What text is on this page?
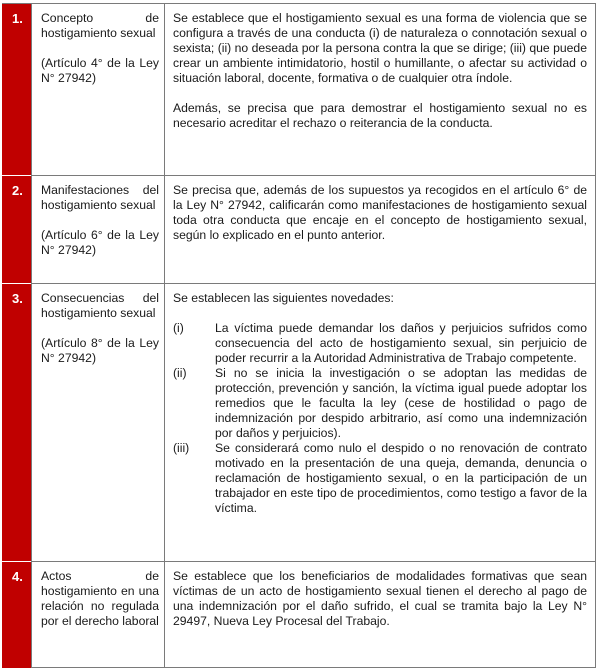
1. Concepto de hostigamiento sexual

(Artículo 4° de la Ley N° 27942)

Se establece que el hostigamiento sexual es una forma de violencia que se configura a través de una conducta (i) de naturaleza o connotación sexual o sexista; (ii) no deseada por la persona contra la que se dirige; (iii) que puede crear un ambiente intimidatorio, hostil o humillante, o afectar su actividad o situación laboral, docente, formativa o de cualquier otra índole.

Además, se precisa que para demostrar el hostigamiento sexual no es necesario acreditar el rechazo o reiterancia de la conducta.

2. Manifestaciones del hostigamiento sexual

(Artículo 6° de la Ley N° 27942)

Se precisa que, además de los supuestos ya recogidos en el artículo 6° de la Ley N° 27942, calificarán como manifestaciones de hostigamiento sexual toda otra conducta que encaje en el concepto de hostigamiento sexual, según lo explicado en el punto anterior.

3. Consecuencias del hostigamiento sexual

(Artículo 8° de la Ley N° 27942)

Se establecen las siguientes novedades:

(i)	La víctima puede demandar los daños y perjuicios sufridos como consecuencia del acto de hostigamiento sexual, sin perjuicio de poder recurrir a la Autoridad Administrativa de Trabajo competente.
(ii) Si no se inicia la investigación o se adoptan las medidas de protección, prevención y sanción, la víctima igual puede adoptar los remedios que le faculta la ley (cese de hostilidad o pago de indemnización por despido arbitrario, así como una indemnización por daños y perjuicios).
(iii) Se considerará como nulo el despido o no renovación de contrato motivado en la presentación de una queja, demanda, denuncia o reclamación de hostigamiento sexual, o en la participación de un trabajador en este tipo de procedimientos, como testigo a favor de la víctima.
4. Actos de hostigamiento en una relación no regulada por el derecho laboral

Se establece que los beneficiarios de modalidades formativas que sean víctimas de un acto de hostigamiento sexual tienen el derecho al pago de una indemnización por el daño sufrido, el cual se tramita bajo la Ley N° 29497, Nueva Ley Procesal del Trabajo.
